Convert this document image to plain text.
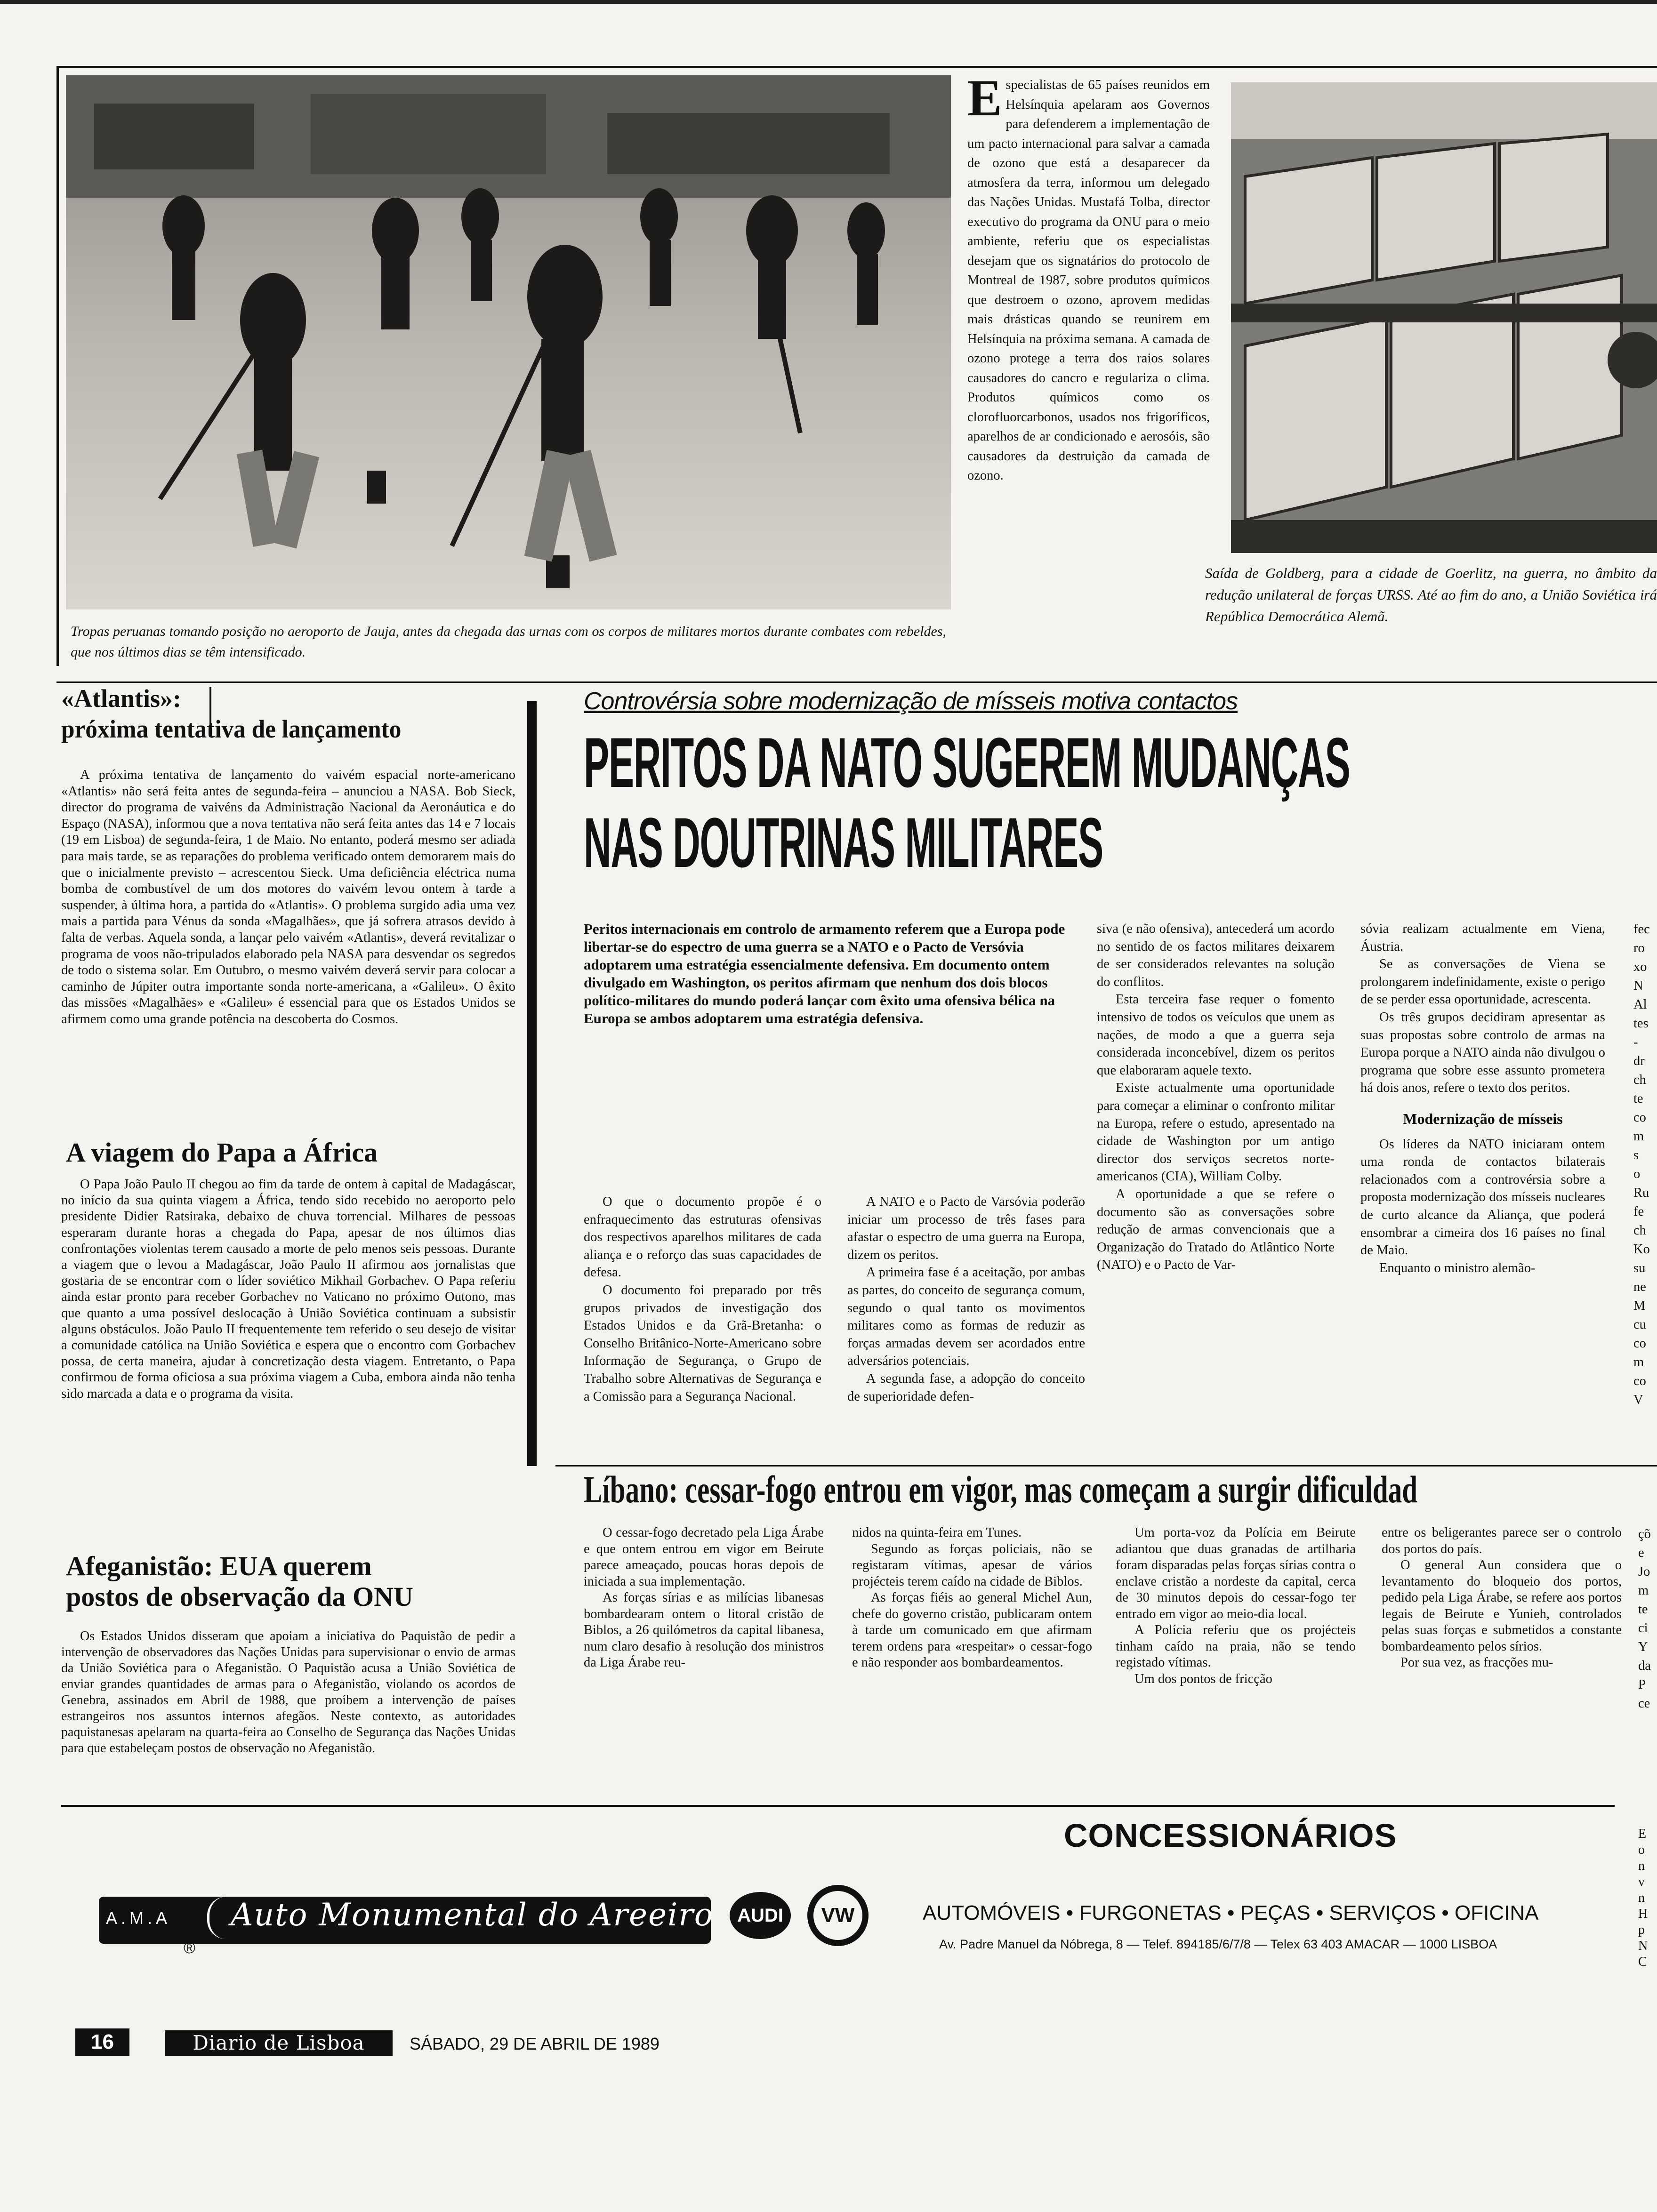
Tropas peruanas tomando posição no aeroporto de Jauja, antes da chegada das urnas com os corpos de militares mortos durante combates com rebeldes, que nos últimos dias se têm intensificado.

Especialistas de 65 países reunidos em Helsínquia apelaram aos Governos para defenderem a implementação de um pacto internacional para salvar a camada de ozono que está a desaparecer da atmosfera da terra, informou um delegado das Nações Unidas. Mustafá Tolba, director executivo do programa da ONU para o meio ambiente, referiu que os especialistas desejam que os signatários do protocolo de Montreal de 1987, sobre produtos químicos que destroem o ozono, aprovem medidas mais drásticas quando se reunirem em Helsínquia na próxima semana. A camada de ozono protege a terra dos raios solares causadores do cancro e regulariza o clima. Produtos químicos como os clorofluorcarbonos, usados nos frigoríficos, aparelhos de ar condicionado e aerosóis, são causadores da destruição da camada de ozono.

Saída de Goldberg, para a cidade de Goerlitz, na guerra, no âmbito da redução unilateral de forças URSS. Até ao fim do ano, a União Soviética irá República Democrática Alemã.
«Atlantis»:
próxima tentativa de lançamento

A próxima tentativa de lançamento do vaivém espacial norte-americano «Atlantis» não será feita antes de segunda-feira – anunciou a NASA. Bob Sieck, director do programa de vaivéns da Administração Nacional da Aeronáutica e do Espaço (NASA), informou que a nova tentativa não será feita antes das 14 e 7 locais (19 em Lisboa) de segunda-feira, 1 de Maio. No entanto, poderá mesmo ser adiada para mais tarde, se as reparações do problema verificado ontem demorarem mais do que o inicialmente previsto – acrescentou Sieck. Uma deficiência eléctrica numa bomba de combustível de um dos motores do vaivém levou ontem à tarde a suspender, à última hora, a partida do «Atlantis». O problema surgido adia uma vez mais a partida para Vénus da sonda «Magalhães», que já sofrera atrasos devido à falta de verbas. Aquela sonda, a lançar pelo vaivém «Atlantis», deverá revitalizar o programa de voos não-tripulados elaborado pela NASA para desvendar os segredos de todo o sistema solar. Em Outubro, o mesmo vaivém deverá servir para colocar a caminho de Júpiter outra importante sonda norte-americana, a «Galileu». O êxito das missões «Magalhães» e «Galileu» é essencial para que os Estados Unidos se afirmem como uma grande potência na descoberta do Cosmos.

A viagem do Papa a África

O Papa João Paulo II chegou ao fim da tarde de ontem à capital de Madagáscar, no início da sua quinta viagem a África, tendo sido recebido no aeroporto pelo presidente Didier Ratsiraka, debaixo de chuva torrencial. Milhares de pessoas esperaram durante horas a chegada do Papa, apesar de nos últimos dias confrontações violentas terem causado a morte de pelo menos seis pessoas. Durante a viagem que o levou a Madagáscar, João Paulo II afirmou aos jornalistas que gostaria de se encontrar com o líder soviético Mikhail Gorbachev. O Papa referiu ainda estar pronto para receber Gorbachev no Vaticano no próximo Outono, mas que quanto a uma possível deslocação à União Soviética continuam a subsistir alguns obstáculos. João Paulo II frequentemente tem referido o seu desejo de visitar a comunidade católica na União Soviética e espera que o encontro com Gorbachev possa, de certa maneira, ajudar à concretização desta viagem. Entretanto, o Papa confirmou de forma oficiosa a sua próxima viagem a Cuba, embora ainda não tenha sido marcada a data e o programa da visita.

Afeganistão: EUA querem
postos de observação da ONU

Os Estados Unidos disseram que apoiam a iniciativa do Paquistão de pedir a intervenção de observadores das Nações Unidas para supervisionar o envio de armas da União Soviética para o Afeganistão. O Paquistão acusa a União Soviética de enviar grandes quantidades de armas para o Afeganistão, violando os acordos de Genebra, assinados em Abril de 1988, que proíbem a intervenção de países estrangeiros nos assuntos internos afegãos. Neste contexto, as autoridades paquistanesas apelaram na quarta-feira ao Conselho de Segurança das Nações Unidas para que estabeleçam postos de observação no Afeganistão.

Controvérsia sobre modernização de mísseis motiva contactos
PERITOS DA NATO SUGEREM MUDANÇAS
NAS DOUTRINAS MILITARES

Peritos internacionais em controlo de armamento referem que a Europa pode libertar-se do espectro de uma guerra se a NATO e o Pacto de Versóvia adoptarem uma estratégia essencialmente defensiva. Em documento ontem divulgado em Washington, os peritos afirmam que nenhum dos dois blocos político-militares do mundo poderá lançar com êxito uma ofensiva bélica na Europa se ambos adoptarem uma estratégia defensiva.

O que o documento propõe é o enfraquecimento das estruturas ofensivas dos respectivos aparelhos militares de cada aliança e o reforço das suas capacidades de defesa.

O documento foi preparado por três grupos privados de investigação dos Estados Unidos e da Grã-Bretanha: o Conselho Britânico-Norte-Americano sobre Informação de Segurança, o Grupo de Trabalho sobre Alternativas de Segurança e a Comissão para a Segurança Nacional.

A NATO e o Pacto de Varsóvia poderão iniciar um processo de três fases para afastar o espectro de uma guerra na Europa, dizem os peritos.

A primeira fase é a aceitação, por ambas as partes, do conceito de segurança comum, segundo o qual tanto os movimentos militares como as formas de reduzir as forças armadas devem ser acordados entre adversários potenciais.

A segunda fase, a adopção do conceito de superioridade defen-

siva (e não ofensiva), antecederá um acordo no sentido de os factos militares deixarem de ser considerados relevantes na solução do conflitos.

Esta terceira fase requer o fomento intensivo de todos os veículos que unem as nações, de modo a que a guerra seja considerada inconcebível, dizem os peritos que elaboraram aquele texto.

Existe actualmente uma oportunidade para começar a eliminar o confronto militar na Europa, refere o estudo, apresentado na cidade de Washington por um antigo director dos serviços secretos norte-americanos (CIA), William Colby.

A oportunidade a que se refere o documento são as conversações sobre redução de armas convencionais que a Organização do Tratado do Atlântico Norte (NATO) e o Pacto de Var-

sóvia realizam actualmente em Viena, Áustria.

Se as conversações de Viena se prolongarem indefinidamente, existe o perigo de se perder essa oportunidade, acrescenta.

Os três grupos decidiram apresentar as suas propostas sobre controlo de armas na Europa porque a NATO ainda não divulgou o programa que sobre esse assunto prometera há dois anos, refere o texto dos peritos.

Modernização de mísseis

Os líderes da NATO iniciaram ontem uma ronda de contactos bilaterais relacionados com a controvérsia sobre a proposta modernização dos mísseis nucleares de curto alcance da Aliança, que poderá ensombrar a cimeira dos 16 países no final de Maio.

Enquanto o ministro alemão-

fec
ro
xo
N
Al
tes
-
dr
ch
te
co
m
s
o
Ru
fe
ch
Ko
su
ne
M
cu
co
m
co
V
Líbano: cessar-fogo entrou em vigor, mas começam a surgir dificuldad

O cessar-fogo decretado pela Liga Árabe e que ontem entrou em vigor em Beirute parece ameaçado, poucas horas depois de iniciada a sua implementação.

As forças sírias e as milícias libanesas bombardearam ontem o litoral cristão de Biblos, a 26 quilómetros da capital libanesa, num claro desafio à resolução dos ministros da Liga Árabe reu-

nidos na quinta-feira em Tunes.

Segundo as forças policiais, não se registaram vítimas, apesar de vários projécteis terem caído na cidade de Biblos.

As forças fiéis ao general Michel Aun, chefe do governo cristão, publicaram ontem à tarde um comunicado em que afirmam terem ordens para «respeitar» o cessar-fogo e não responder aos bombardeamentos.

Um porta-voz da Polícia em Beirute adiantou que duas granadas de artilharia foram disparadas pelas forças sírias contra o enclave cristão a nordeste da capital, cerca de 30 minutos depois do cessar-fogo ter entrado em vigor ao meio-dia local.

A Polícia referiu que os projécteis tinham caído na praia, não se tendo registado vítimas.

Um dos pontos de fricção

entre os beligerantes parece ser o controlo dos portos do país.

O general Aun considera que o levantamento do bloqueio dos portos, pedido pela Liga Árabe, se refere aos portos legais de Beirute e Yunieh, controlados pelas suas forças e submetidos a constante bombardeamento pelos sírios.

Por sua vez, as fracções mu-

çõ
e
Jo
m
te
ci
Y
da
P
ce
A.M.A Auto Monumental do Areeiro
®
AUDI	VW
CONCESSIONÁRIOS
AUTOMÓVEIS • FURGONETAS • PEÇAS • SERVIÇOS • OFICINA
Av. Padre Manuel da Nóbrega, 8 — Telef. 894185/6/7/8 — Telex 63 403 AMACAR — 1000 LISBOA
E
o
n
v
n
H
p
N
C
16	Diario de Lisboa	SÁBADO, 29 DE ABRIL DE 1989
